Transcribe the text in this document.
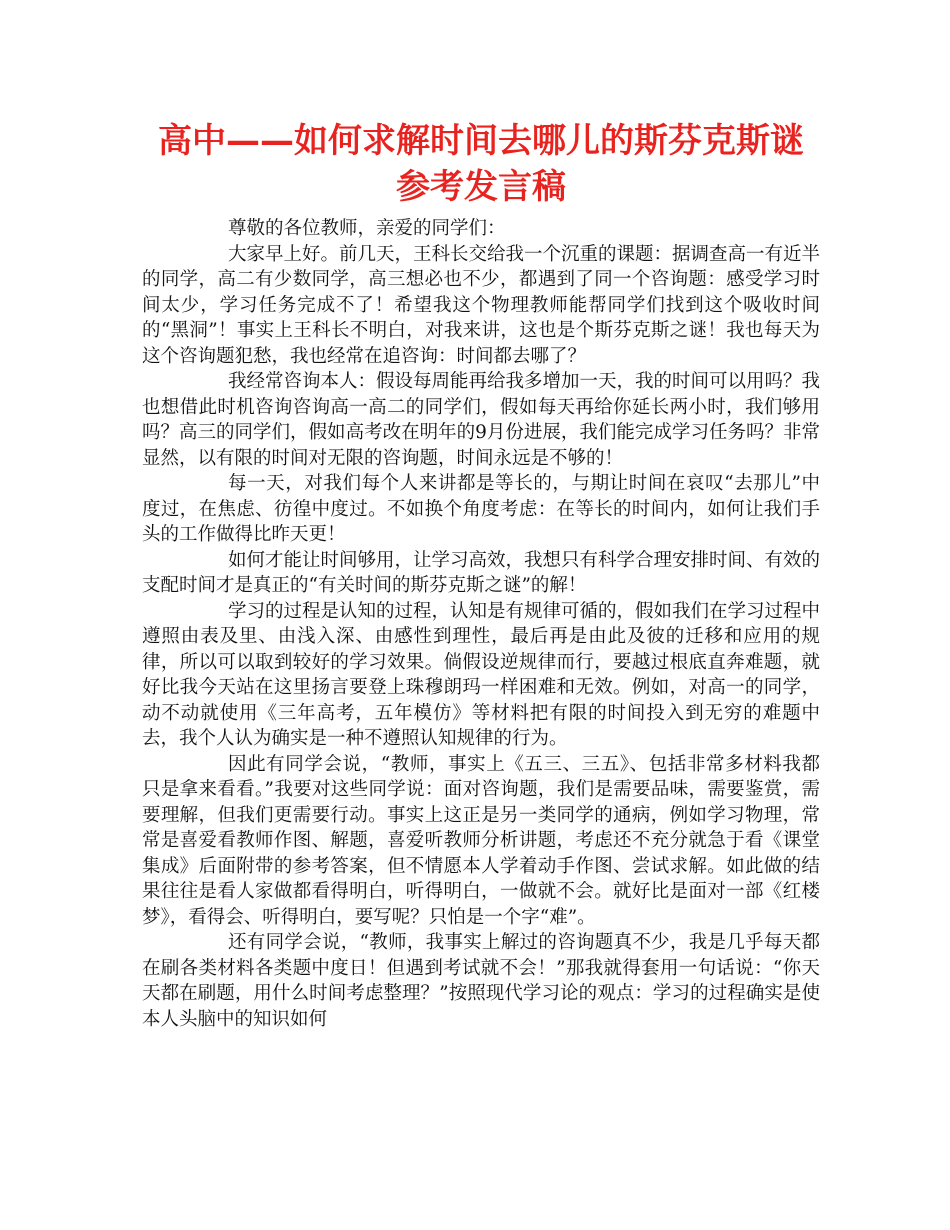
高中——如何求解时间去哪儿的斯芬克斯谜参考发言稿

尊敬的各位教师，亲爱的同学们：

大家早上好。前几天，王科长交给我一个沉重的课题：据调查高一有近半的同学，高二有少数同学，高三想必也不少，都遇到了同一个咨询题：感受学习时间太少，学习任务完成不了！希望我这个物理教师能帮同学们找到这个吸收时间的“黑洞”！事实上王科长不明白，对我来讲，这也是个斯芬克斯之谜！我也每天为这个咨询题犯愁，我也经常在追咨询：时间都去哪了？

我经常咨询本人：假设每周能再给我多增加一天，我的时间可以用吗？我也想借此时机咨询咨询高一高二的同学们，假如每天再给你延长两小时，我们够用吗？高三的同学们，假如高考改在明年的9月份进展，我们能完成学习任务吗？非常显然，以有限的时间对无限的咨询题，时间永远是不够的！

每一天，对我们每个人来讲都是等长的，与期让时间在哀叹“去那儿”中度过，在焦虑、彷徨中度过。不如换个角度考虑：在等长的时间内，如何让我们手头的工作做得比昨天更！

如何才能让时间够用，让学习高效，我想只有科学合理安排时间、有效的支配时间才是真正的“有关时间的斯芬克斯之谜”的解！

学习的过程是认知的过程，认知是有规律可循的，假如我们在学习过程中遵照由表及里、由浅入深、由感性到理性，最后再是由此及彼的迁移和应用的规律，所以可以取到较好的学习效果。倘假设逆规律而行，要越过根底直奔难题，就好比我今天站在这里扬言要登上珠穆朗玛一样困难和无效。例如，对高一的同学，动不动就使用《三年高考，五年模仿》等材料把有限的时间投入到无穷的难题中去，我个人认为确实是一种不遵照认知规律的行为。

因此有同学会说，“教师，事实上《五三、三五》、包括非常多材料我都只是拿来看看。”我要对这些同学说：面对咨询题，我们是需要品味，需要鉴赏，需要理解，但我们更需要行动。事实上这正是另一类同学的通病，例如学习物理，常常是喜爱看教师作图、解题，喜爱听教师分析讲题，考虑还不充分就急于看《课堂集成》后面附带的参考答案，但不情愿本人学着动手作图、尝试求解。如此做的结果往往是看人家做都看得明白，听得明白，一做就不会。就好比是面对一部《红楼梦》，看得会、听得明白，要写呢？只怕是一个字“难”。

还有同学会说，“教师，我事实上解过的咨询题真不少，我是几乎每天都在刷各类材料各类题中度日！但遇到考试就不会！”那我就得套用一句话说：“你天天都在刷题，用什么时间考虑整理？”按照现代学习论的观点：学习的过程确实是使本人头脑中的知识如何
